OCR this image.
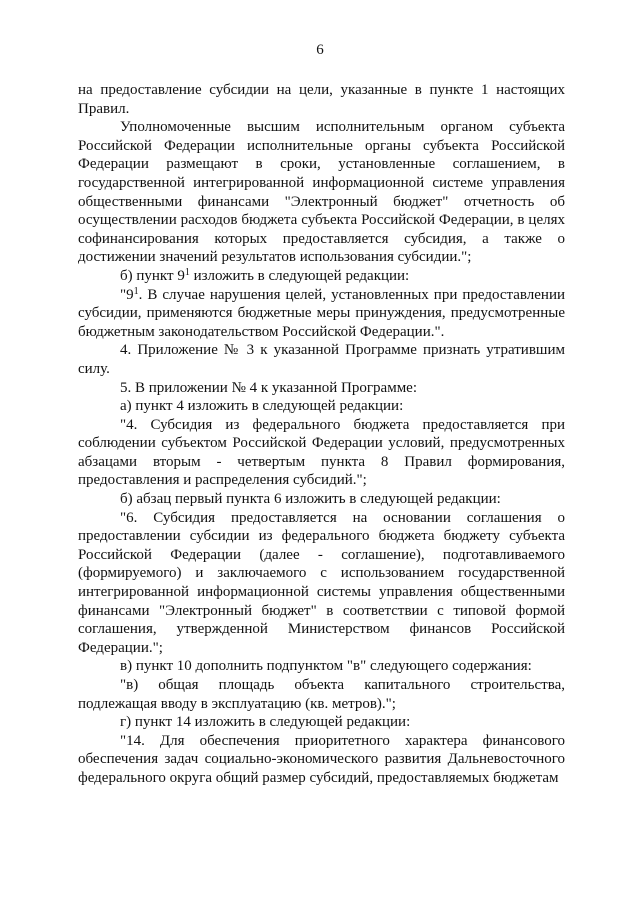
6

на предоставление субсидии на цели, указанные в пункте 1 настоящих Правил.

Уполномоченные высшим исполнительным органом субъекта Российской Федерации исполнительные органы субъекта Российской Федерации размещают в сроки, установленные соглашением, в государственной интегрированной информационной системе управления общественными финансами "Электронный бюджет" отчетность об осуществлении расходов бюджета субъекта Российской Федерации, в целях софинансирования которых предоставляется субсидия, а также о достижении значений результатов использования субсидии.";

б) пункт $9^1$ изложить в следующей редакции:

"$9^1$. В случае нарушения целей, установленных при предоставлении субсидии, применяются бюджетные меры принуждения, предусмотренные бюджетным законодательством Российской Федерации.".

4. Приложение № 3 к указанной Программе признать утратившим силу.

5. В приложении № 4 к указанной Программе:

а) пункт 4 изложить в следующей редакции:

"4. Субсидия из федерального бюджета предоставляется при соблюдении субъектом Российской Федерации условий, предусмотренных абзацами вторым - четвертым пункта 8 Правил формирования, предоставления и распределения субсидий.";

б) абзац первый пункта 6 изложить в следующей редакции:

"6. Субсидия предоставляется на основании соглашения о предоставлении субсидии из федерального бюджета бюджету субъекта Российской Федерации (далее - соглашение), подготавливаемого (формируемого) и заключаемого с использованием государственной интегрированной информационной системы управления общественными финансами "Электронный бюджет" в соответствии с типовой формой соглашения, утвержденной Министерством финансов Российской Федерации.";

в) пункт 10 дополнить подпунктом "в" следующего содержания:

"в) общая площадь объекта капитального строительства, подлежащая вводу в эксплуатацию (кв. метров).";

г) пункт 14 изложить в следующей редакции:

"14. Для обеспечения приоритетного характера финансового обеспечения задач социально-экономического развития Дальневосточного федерального округа общий размер субсидий, предоставляемых бюджетам
